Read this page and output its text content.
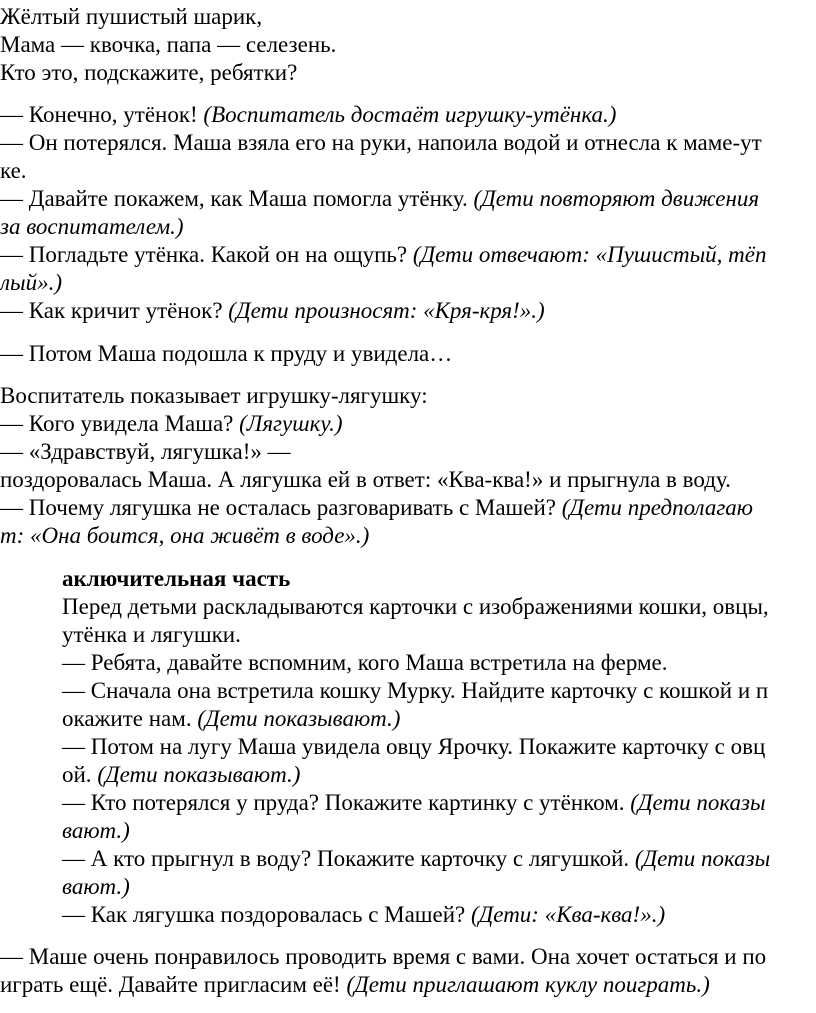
Жёлтый пушистый шарик,
Мама — квочка, папа — селезень.
Кто это, подскажите, ребятки?
— Конечно, утёнок! (Воспитатель достаёт игрушку-утёнка.)
— Он потерялся. Маша взяла его на руки, напоила водой и отнесла к маме-ут
ке.
— Давайте покажем, как Маша помогла утёнку. (Дети повторяют движения
за воспитателем.)
— Погладьте утёнка. Какой он на ощупь? (Дети отвечают: «Пушистый, тёп
лый».)
— Как кричит утёнок? (Дети произносят: «Кря-кря!».)
— Потом Маша подошла к пруду и увидела…
Воспитатель показывает игрушку-лягушку:
— Кого увидела Маша? (Лягушку.)
— «Здравствуй, лягушка!» —
поздоровалась Маша. А лягушка ей в ответ: «Ква-ква!» и прыгнула в воду.
— Почему лягушка не осталась разговаривать с Машей? (Дети предполагаю
т: «Она боится, она живёт в воде».)
аключительная часть
Перед детьми раскладываются карточки с изображениями кошки, овцы,
утёнка и лягушки.
— Ребята, давайте вспомним, кого Маша встретила на ферме.
— Сначала она встретила кошку Мурку. Найдите карточку с кошкой и п
окажите нам. (Дети показывают.)
— Потом на лугу Маша увидела овцу Ярочку. Покажите карточку с овц
ой. (Дети показывают.)
— Кто потерялся у пруда? Покажите картинку с утёнком. (Дети показы
вают.)
— А кто прыгнул в воду? Покажите карточку с лягушкой. (Дети показы
вают.)
— Как лягушка поздоровалась с Машей? (Дети: «Ква-ква!».)
— Маше очень понравилось проводить время с вами. Она хочет остаться и по
играть ещё. Давайте пригласим её! (Дети приглашают куклу поиграть.)
